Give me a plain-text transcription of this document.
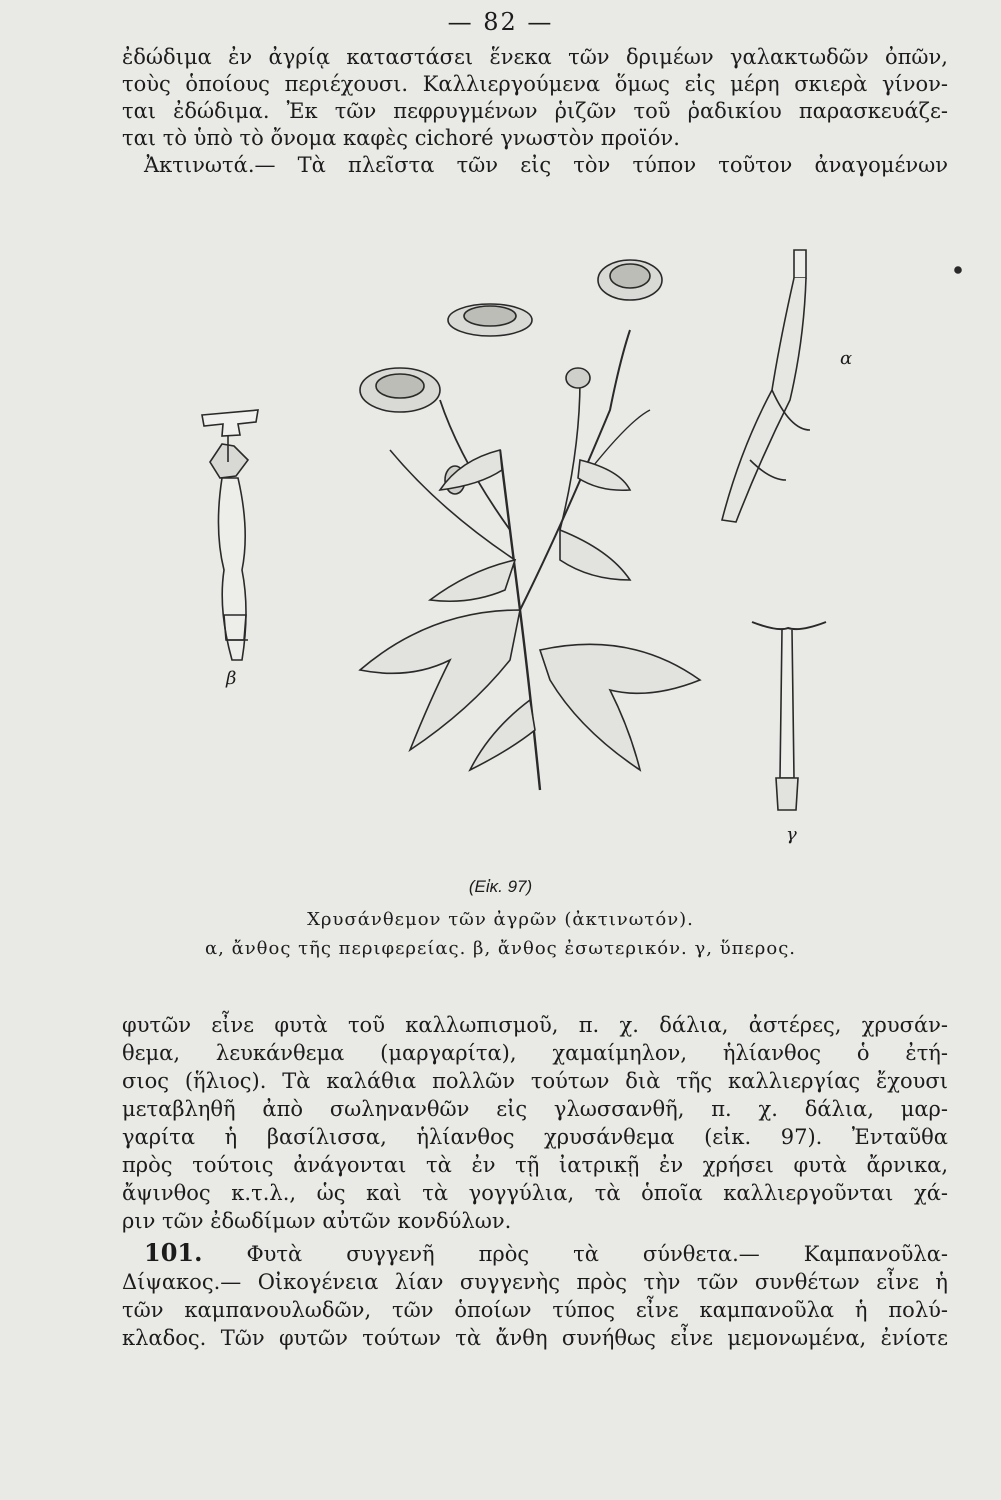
— 82 —
ἐδώδιμα ἐν ἀγρίᾳ καταστάσει ἕνεκα τῶν δριμέων γαλακτωδῶν ὀπῶν,
τοὺς ὁποίους περιέχουσι. Καλλιεργούμενα ὅμως εἰς μέρη σκιερὰ γίνον-
ται ἐδώδιμα. Ἐκ τῶν πεφρυγμένων ῥιζῶν τοῦ ῥαδικίου παρασκευάζε-
ται τὸ ὑπὸ τὸ ὄνομα καφὲς cichoré γνωστὸν προϊόν.
Ἀκτινωτά.— Τὰ πλεῖστα τῶν εἰς τὸν τύπον τοῦτον ἀναγομένων
α
β
γ

(Εἰκ. 97)

Χρυσάνθεμον τῶν ἀγρῶν (ἀκτινωτόν).

α, ἄνθος τῆς περιφερείας. β, ἄνθος ἐσωτερικόν. γ, ὕπερος.

φυτῶν εἶνε φυτὰ τοῦ καλλωπισμοῦ, π. χ. δάλια, ἀστέρες, χρυσάν-
θεμα, λευκάνθεμα (μαργαρίτα), χαμαίμηλον, ἡλίανθος ὁ ἐτή-
σιος (ἥλιος). Τὰ καλάθια πολλῶν τούτων διὰ τῆς καλλιεργίας ἔχουσι
μεταβληθῆ ἀπὸ σωληνανθῶν εἰς γλωσσανθῆ, π. χ. δάλια, μαρ-
γαρίτα ἡ βασίλισσα, ἡλίανθος χρυσάνθεμα (εἰκ. 97). Ἐνταῦθα
πρὸς τούτοις ἀνάγονται τὰ ἐν τῇ ἰατρικῇ ἐν χρήσει φυτὰ ἄρνικα,
ἄψινθος κ.τ.λ., ὡς καὶ τὰ γογγύλια, τὰ ὁποῖα καλλιεργοῦνται χά-
ριν τῶν ἐδωδίμων αὐτῶν κονδύλων.
101. Φυτὰ συγγενῆ πρὸς τὰ σύνθετα.— Καμπανοῦλα-
Δίψακος.— Οἰκογένεια λίαν συγγενὴς πρὸς τὴν τῶν συνθέτων εἶνε ἡ
τῶν καμπανουλωδῶν, τῶν ὁποίων τύπος εἶνε καμπανοῦλα ἡ πολύ-
κλαδος. Τῶν φυτῶν τούτων τὰ ἄνθη συνήθως εἶνε μεμονωμένα, ἐνίοτε
